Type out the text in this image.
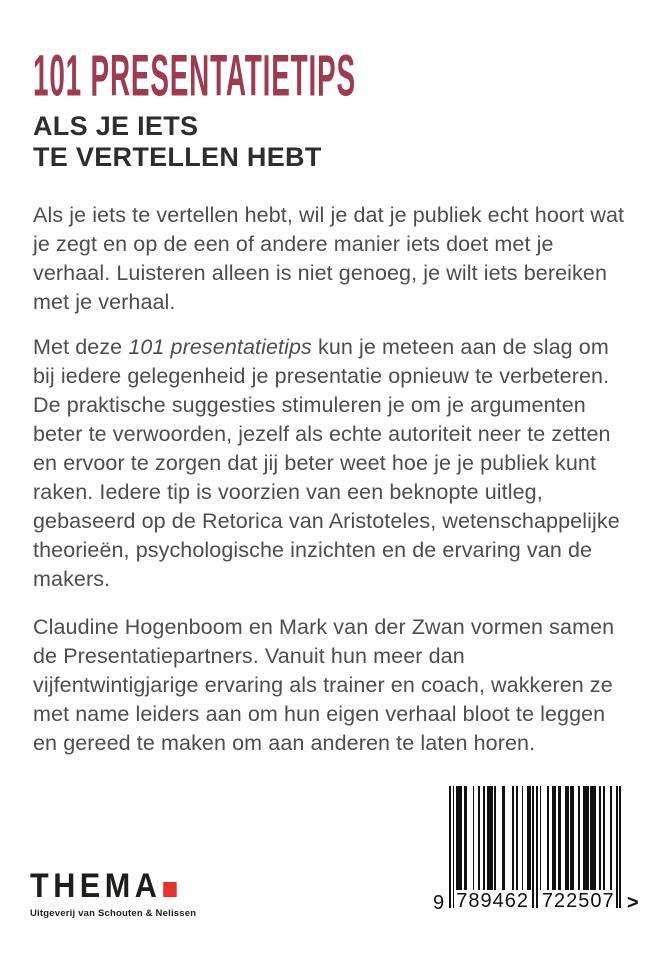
101 PRESENTATIETIPS
ALS JE IETS
TE VERTELLEN HEBT

Als je iets te vertellen hebt, wil je dat je publiek echt hoort wat je zegt en op de een of andere manier iets doet met je verhaal. Luisteren alleen is niet genoeg, je wilt iets bereiken met je verhaal.

Met deze 101 presentatietips kun je meteen aan de slag om bij iedere gelegenheid je presentatie opnieuw te verbeteren. De praktische suggesties stimuleren je om je argumenten beter te verwoorden, jezelf als echte autoriteit neer te zetten en ervoor te zorgen dat jij beter weet hoe je je publiek kunt raken. Iedere tip is voorzien van een beknopte uitleg, gebaseerd op de Retorica van Aristoteles, wetenschappelijke theorieën, psychologische inzichten en de ervaring van de makers.

Claudine Hogenboom en Mark van der Zwan vormen samen de Presentatiepartners. Vanuit hun meer dan vijfentwintigjarige ervaring als trainer en coach, wakkeren ze met name leiders aan om hun eigen verhaal bloot te leggen en gereed te maken om aan anderen te laten horen.

THEMA
Uitgeverij van Schouten & Nelissen	9 789462 722507 >
